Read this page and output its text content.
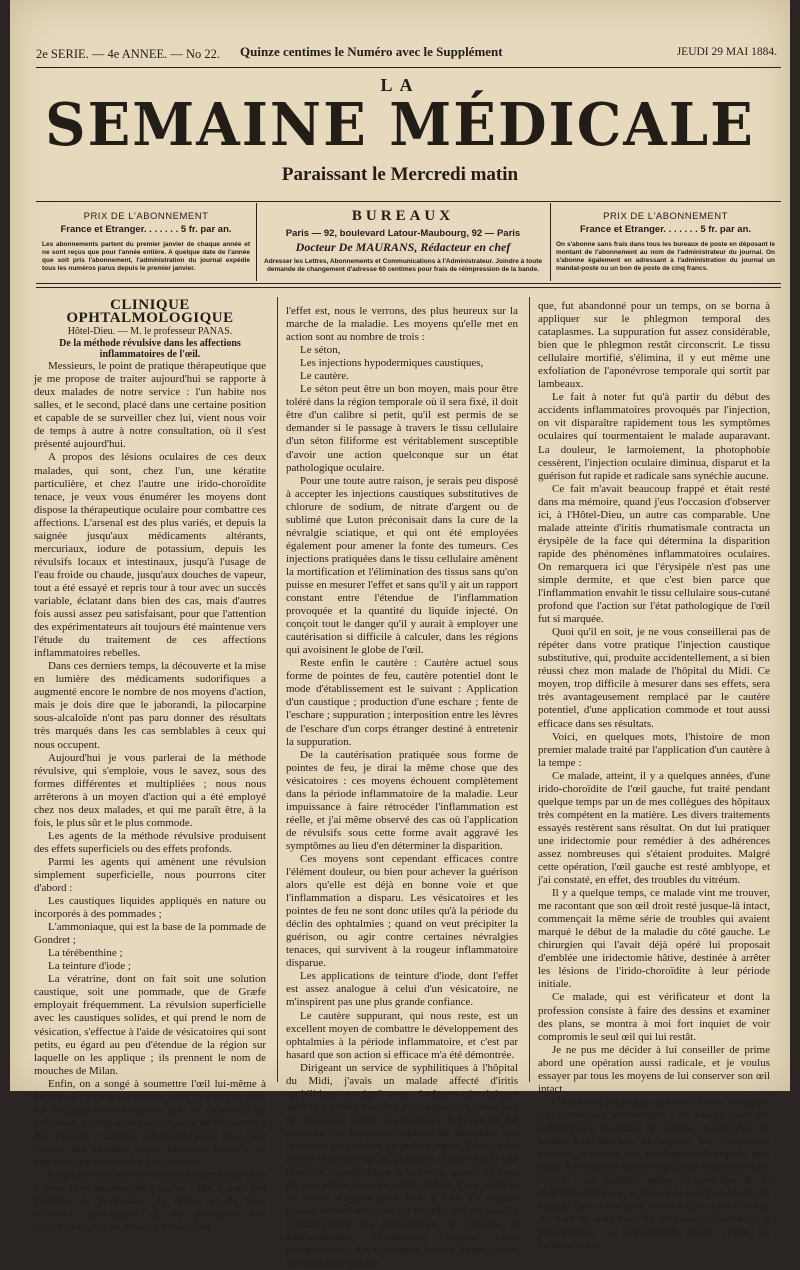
2e SERIE. — 4e ANNEE. — No 22. Quinze centimes le Numéro avec le Supplément	JEUDI 29 MAI 1884.
LA
SEMAINE MÉDICALE
Paraissant le Mercredi matin
PRIX DE L'ABONNEMENT
France et Etranger. . . . . . . 5 fr. par an.
Les abonnements partent du premier janvier de chaque année et ne sont reçus que pour l'année entière. A quelque date de l'année que soit pris l'abonnement, l'administration du journal expédie tous les numéros parus depuis le premier janvier.
BUREAUX
Paris — 92, boulevard Latour-Maubourg, 92 — Paris
Docteur De MAURANS, Rédacteur en chef
Adresser les Lettres, Abonnements et Communications à l'Administrateur. Joindre à toute demande de changement d'adresse 60 centimes pour frais de réimpression de la bande.
PRIX DE L'ABONNEMENT
France et Etranger. . . . . . . 5 fr. par an.
On s'abonne sans frais dans tous les bureaux de poste en déposant le montant de l'abonnement au nom de l'administrateur du journal. On s'abonne également en adressant à l'administration du journal un mandat-poste ou un bon de poste de cinq francs.

CLINIQUE OPHTALMOLOGIQUE

Hôtel-Dieu. — M. le professeur PANAS.

De la méthode révulsive dans les affections inflammatoires de l'œil.

Messieurs, le point de pratique thérapeutique que je me propose de traiter aujourd'hui se rapporte à deux malades de notre service : l'un habite nos salles, et le second, placé dans une certaine position et capable de se surveiller chez lui, vient nous voir de temps à autre à notre consultation, où il s'est présenté aujourd'hui.

A propos des lésions oculaires de ces deux malades, qui sont, chez l'un, une kératite particulière, et chez l'autre une irido-choroïdite tenace, je veux vous énumérer les moyens dont dispose la thérapeutique oculaire pour combattre ces affections. L'arsenal est des plus variés, et depuis la saignée jusqu'aux médicaments altérants, mercuriaux, iodure de potassium, depuis les révulsifs locaux et intestinaux, jusqu'à l'usage de l'eau froide ou chaude, jusqu'aux douches de vapeur, tout a été essayé et repris tour à tour avec un succès variable, éclatant dans bien des cas, mais d'autres fois aussi assez peu satisfaisant, pour que l'attention des expérimentateurs ait toujours été maintenue vers l'étude du traitement de ces affections inflammatoires rebelles.

Dans ces derniers temps, la découverte et la mise en lumière des médicaments sudorifiques a augmenté encore le nombre de nos moyens d'action, mais je dois dire que le jaborandi, la pilocarpine sous-alcaloïde n'ont pas paru donner des résultats très marqués dans les cas semblables à ceux qui nous occupent.

Aujourd'hui je vous parlerai de la méthode révulsive, qui s'emploie, vous le savez, sous des formes différentes et multipliées ; nous nous arrêterons à un moyen d'action qui a été employé chez nos deux malades, et qui me paraît être, à la fois, le plus sûr et le plus commode.

Les agents de la méthode révulsive produisent des effets superficiels ou des effets profonds.

Parmi les agents qui amènent une révulsion simplement superficielle, nous pourrons citer d'abord :

Les caustiques liquides appliqués en nature ou incorporés à des pommades ;

L'ammoniaque, qui est la base de la pommade de Gondret ;

La térébenthine ;

La teinture d'iode ;

La vératrine, dont on fait soit une solution caustique, soit une pommade, que de Græfe employait fréquemment. La révulsion superficielle avec les caustiques solides, et qui prend le nom de vésication, s'effectue à l'aide de vésicatoires qui sont petits, eu égard au peu d'étendue de la région sur laquelle on les applique ; ils prennent le nom de mouches de Milan.

Enfin, on a songé à soumettre l'œil lui-même à l'action des vapeurs irritantes, mais ce n'est pas dans les inflammations oculaires que ce moyen a été préconisé. La vaporisation au baume de Fioraventi a été réservée à certains cas d'amblyopie et a paru donner des résultats assez heureux, lorsqu'il ne s'agissait que de troubles fonctionnels.

Bien plus efficace est la révulsion profonde dont il nous reste maintenant à parler ; elle a pour but d'amener la destruction du derme et du tissu cellulaire sous-cutané et de provoquer une suppuration plus ou moins durable, dont

l'effet est, nous le verrons, des plus heureux sur la marche de la maladie. Les moyens qu'elle met en action sont au nombre de trois :

Le séton,

Les injections hypodermiques caustiques,

Le cautère.

Le séton peut être un bon moyen, mais pour être toléré dans la région temporale où il sera fixé, il doit être d'un calibre si petit, qu'il est permis de se demander si le passage à travers le tissu cellulaire d'un séton filiforme est véritablement susceptible d'avoir une action quelconque sur un état pathologique oculaire.

Pour une toute autre raison, je serais peu disposé à accepter les injections caustiques substitutives de chlorure de sodium, de nitrate d'argent ou de sublimé que Luton préconisait dans la cure de la névralgie sciatique, et qui ont été employées également pour amener la fonte des tumeurs. Ces injections pratiquées dans le tissu cellulaire amènent la mortification et l'élimination des tissus sans qu'on puisse en mesurer l'effet et sans qu'il y ait un rapport constant entre l'étendue de l'inflammation provoquée et la quantité du liquide injecté. On conçoit tout le danger qu'il y aurait à employer une cautérisation si difficile à calculer, dans les régions qui avoisinent le globe de l'œil.

Reste enfin le cautère : Cautère actuel sous forme de pointes de feu, cautère potentiel dont le mode d'établissement est le suivant : Application d'un caustique ; production d'une eschare ; fente de l'eschare ; suppuration ; interposition entre les lèvres de l'eschare d'un corps étranger destiné à entretenir la suppuration.

De la cautérisation pratiquée sous forme de pointes de feu, je dirai la même chose que des vésicatoires : ces moyens échouent complètement dans la période inflammatoire de la maladie. Leur impuissance à faire rétrocéder l'inflammation est réelle, et j'ai même observé des cas où l'application de révulsifs sous cette forme avait aggravé les symptômes au lieu d'en déterminer la disparition.

Ces moyens sont cependant efficaces contre l'élément douleur, ou bien pour achever la guérison alors qu'elle est déjà en bonne voie et que l'inflammation a disparu. Les vésicatoires et les pointes de feu ne sont donc utiles qu'à la période du déclin des ophtalmies ; quand on veut précipiter la guérison, ou agir contre certaines névralgies tenaces, qui survivent à la rougeur inflammatoire disparue.

Les applications de teinture d'iode, dont l'effet est assez analogue à celui d'un vésicatoire, ne m'inspirent pas une plus grande confiance.

Le cautère suppurant, qui nous reste, est un excellent moyen de combattre le développement des ophtalmies à la période inflammatoire, et c'est par hasard que son action si efficace m'a été démontrée.

Dirigeant un service de syphilitiques à l'hôpital du Midi, j'avais un malade affecté d'iritis syphilitique suraiguë avec douleurs névralgiques atroces. Le traitement lui était administré, mais rien ne réussissait contre ses douleurs et j'avais dû lui prescrire des injections répétées de morphine qui seules lui procuraient un peu de repos. J'avais moi-même l'habitude de lui pratiquer chaque matin une injection hypodermique à la tempe, quand un jour, par une erreur, la seringue fut chargée d'une solution de nitrate d'argent assez forte à 1/10. Le malade poussa naturellement un cri terrible, et tout aussitôt commencèrent des phénomènes de sphacèle et d'inflammation. Gonflement, rougeur vive, phlegmoneuse. Le traitement interne dirigé contre son affection spécifi-

que, fut abandonné pour un temps, on se borna à appliquer sur le phlegmon temporal des cataplasmes. La suppuration fut assez considérable, bien que le phlegmon restât circonscrit. Le tissu cellulaire mortifié, s'élimina, il y eut même une exfoliation de l'aponévrose temporale qui sortit par lambeaux.

Le fait à noter fut qu'à partir du début des accidents inflammatoires provoqués par l'injection, on vit disparaître rapidement tous les symptômes oculaires qui tourmentaient le malade auparavant. La douleur, le larmoiement, la photophobie cessèrent, l'injection oculaire diminua, disparut et la guérison fut rapide et radicale sans synéchie aucune.

Ce fait m'avait beaucoup frappé et était resté dans ma mémoire, quand j'eus l'occasion d'observer ici, à l'Hôtel-Dieu, un autre cas comparable. Une malade atteinte d'iritis rhumatismale contracta un érysipèle de la face qui détermina la disparition rapide des phénomènes inflammatoires oculaires. On remarquera ici que l'érysipèle n'est pas une simple dermite, et que c'est bien parce que l'inflammation envahit le tissu cellulaire sous-cutané profond que l'action sur l'état pathologique de l'œil fut si marquée.

Quoi qu'il en soit, je ne vous conseillerai pas de répéter dans votre pratique l'injection caustique substitutive, qui, produite accidentellement, a si bien réussi chez mon malade de l'hôpital du Midi. Ce moyen, trop difficile à mesurer dans ses effets, sera très avantageusement remplacé par le cautère potentiel, d'une application commode et tout aussi efficace dans ses résultats.

Voici, en quelques mots, l'histoire de mon premier malade traité par l'application d'un cautère à la tempe :

Ce malade, atteint, il y a quelques années, d'une irido-choroïdite de l'œil gauche, fut traité pendant quelque temps par un de mes collègues des hôpitaux très compétent en la matière. Les divers traitements essayés restèrent sans résultat. On dut lui pratiquer une iridectomie pour remédier à des adhérences assez nombreuses qui s'étaient produites. Malgré cette opération, l'œil gauche est resté amblyope, et j'ai constaté, en effet, des troubles du vitréum.

Il y a quelque temps, ce malade vint me trouver, me racontant que son œil droit resté jusque-là intact, commençait la même série de troubles qui avaient marqué le début de la maladie du côté gauche. Le chirurgien qui l'avait déjà opéré lui proposait d'emblée une iridectomie hâtive, destinée à arrêter les lésions de l'irido-choroïdite à leur période initiale.

Ce malade, qui est vérificateur et dont la profession consiste à faire des dessins et examiner des plans, se montra à moi fort inquiet de voir compromis le seul œil qui lui restât.

Je ne pus me décider à lui conseiller de prime abord une opération aussi radicale, et je voulus essayer par tous les moyens de lui conserver son œil intact.

L'iodure de potassium, les mercuriaux, lui furent successivement administrés ; on essaya aussi les sudorifiques, le sulfate de quinine, le salicylate de soude. Les douches de vapeur, les compresses chaudes et froides, les instillations d'atropine, plus d'une fois répétées furent tour à tour employées sans succès ; on pratiqua même la ponction de la chambre antérieure, et malgré le maintien sévère du malade dans l'obscurité, le tout resta sans résultat. Au bout de deux mois de ces essais infructueux, la photophobie, le larmoiement étaient restés les mêmes, la rou-
